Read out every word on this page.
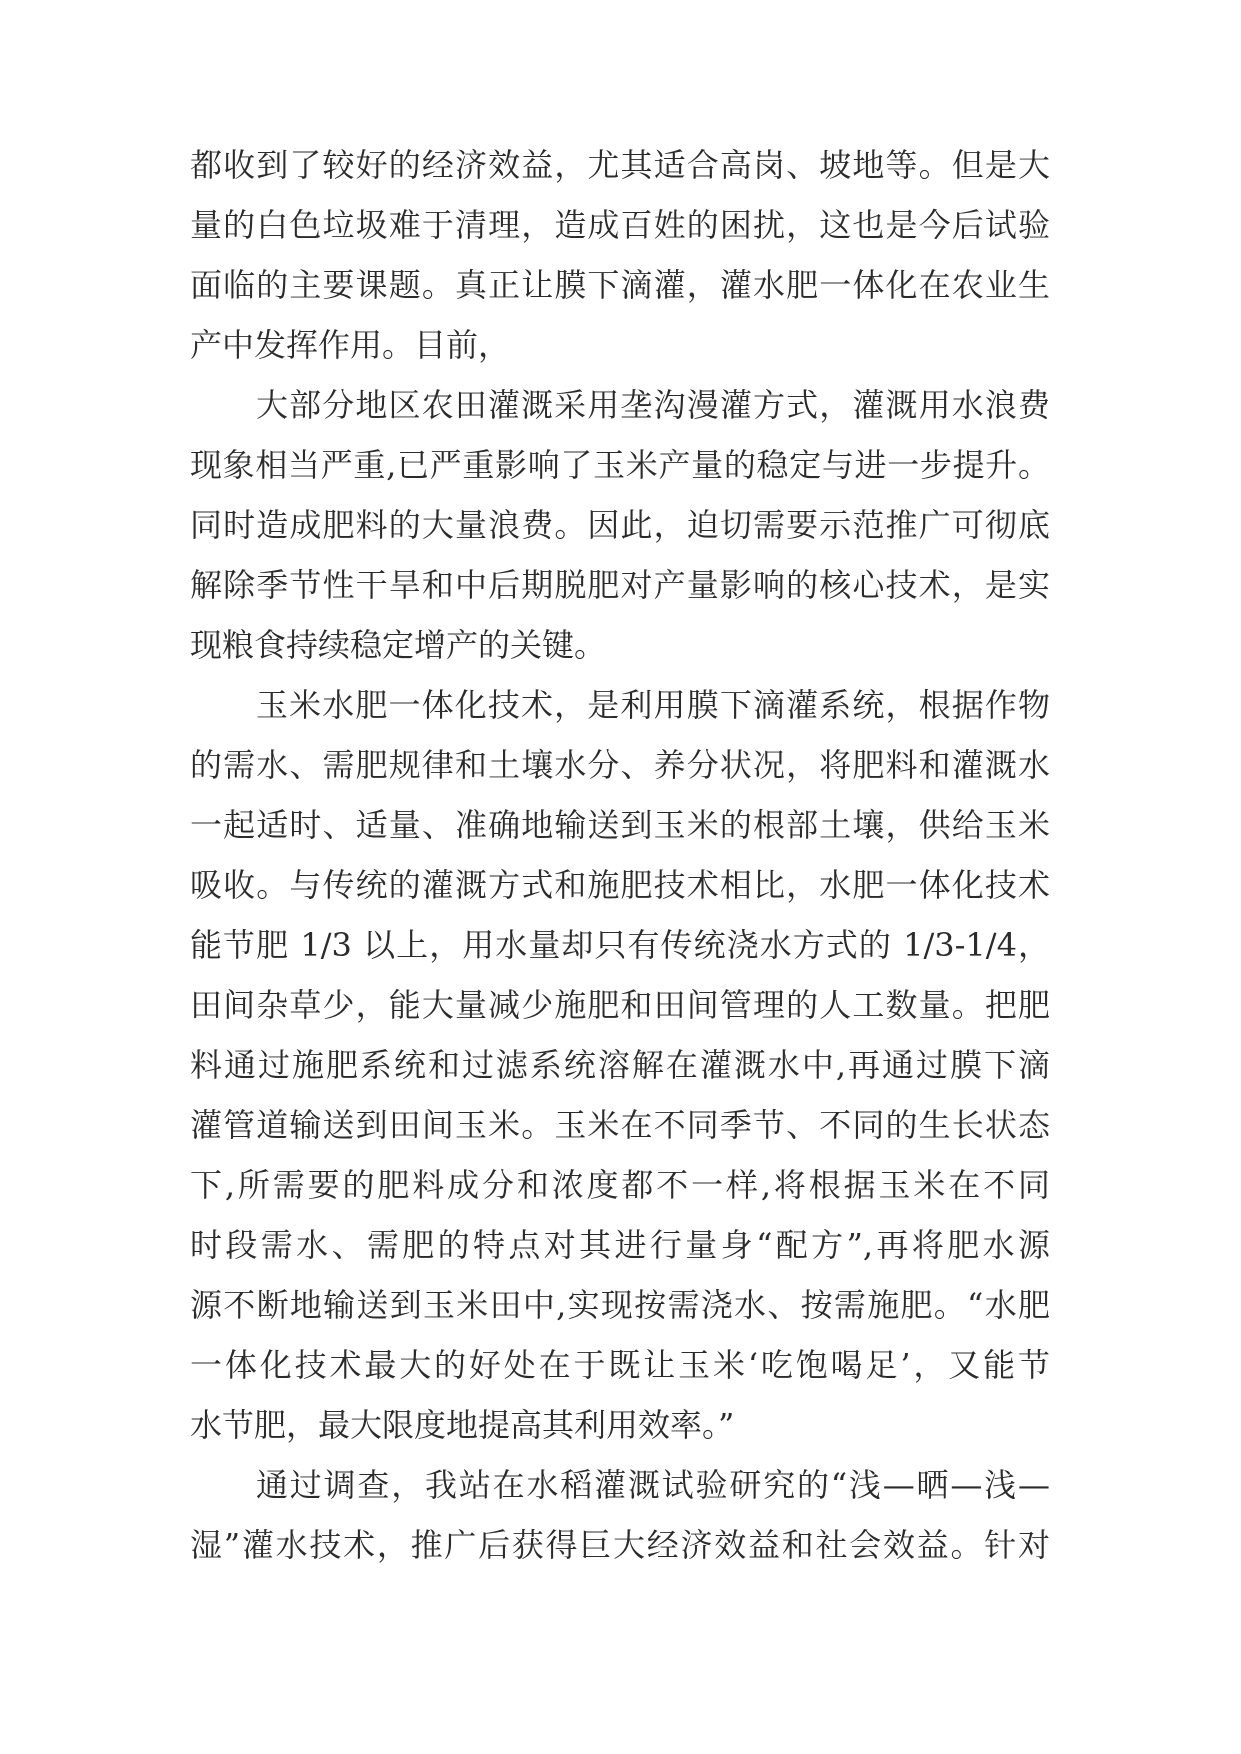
都收到了较好的经济效益，尤其适合高岗、坡地等。但是大
量的白色垃圾难于清理，造成百姓的困扰，这也是今后试验
面临的主要课题。真正让膜下滴灌，灌水肥一体化在农业生
产中发挥作用。目前，
大部分地区农田灌溉采用垄沟漫灌方式，灌溉用水浪费
现象相当严重,已严重影响了玉米产量的稳定与进一步提升。
同时造成肥料的大量浪费。因此，迫切需要示范推广可彻底
解除季节性干旱和中后期脱肥对产量影响的核心技术，是实
现粮食持续稳定增产的关键。
玉米水肥一体化技术，是利用膜下滴灌系统，根据作物
的需水、需肥规律和土壤水分、养分状况，将肥料和灌溉水
一起适时、适量、准确地输送到玉米的根部土壤，供给玉米
吸收。与传统的灌溉方式和施肥技术相比，水肥一体化技术
能节肥 1/3 以上，用水量却只有传统浇水方式的 1/3-1/4，
田间杂草少，能大量减少施肥和田间管理的人工数量。把肥
料通过施肥系统和过滤系统溶解在灌溉水中,再通过膜下滴
灌管道输送到田间玉米。玉米在不同季节、不同的生长状态
下,所需要的肥料成分和浓度都不一样,将根据玉米在不同
时段需水、需肥的特点对其进行量身“配方”,再将肥水源
源不断地输送到玉米田中,实现按需浇水、按需施肥。“水肥
一体化技术最大的好处在于既让玉米‘吃饱喝足’，又能节
水节肥，最大限度地提高其利用效率。”
通过调查，我站在水稻灌溉试验研究的“浅—晒—浅—
湿”灌水技术，推广后获得巨大经济效益和社会效益。针对
